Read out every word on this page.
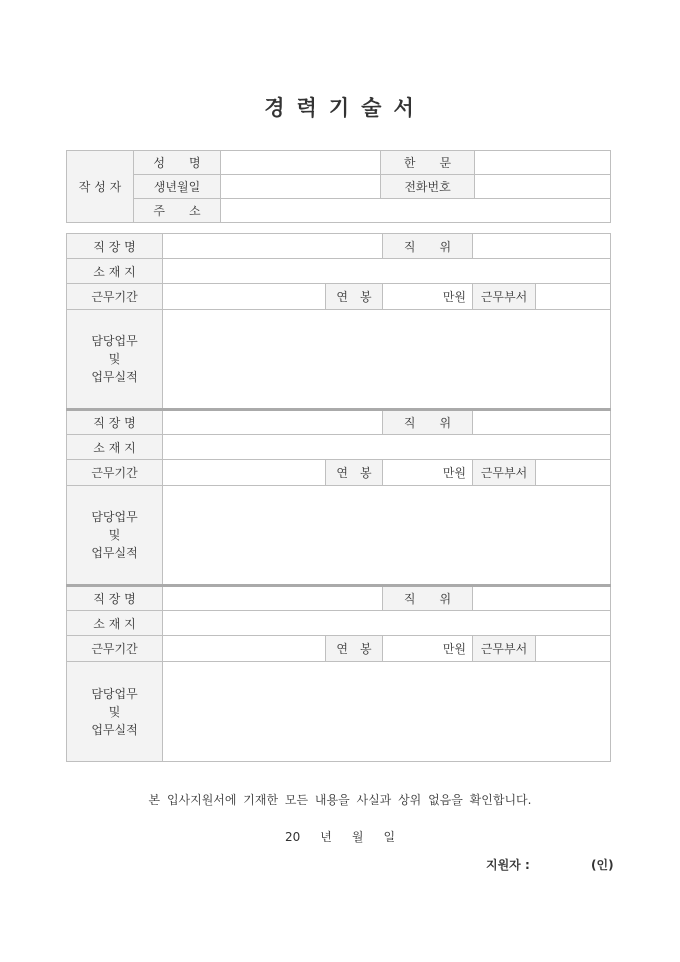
경 력 기 술 서
작 성 자	성　　명		한　　문	
	생년월일		전화번호	
	주　　소			
직 장 명			직　　위		
소 재 지					
근무기간		연　봉	만원	근무부서	

담당업무
및
업무실적					

직 장 명			직　　위		
소 재 지					
근무기간		연　봉	만원	근무부서	

담당업무
및
업무실적					

직 장 명			직　　위		
소 재 지					
근무기간		연　봉	만원	근무부서	

담당업무
및
업무실적					

본 입사지원서에 기재한 모든 내용을 사실과 상위 없음을 확인합니다.
20 년 월 일
지원자 :	(인)
